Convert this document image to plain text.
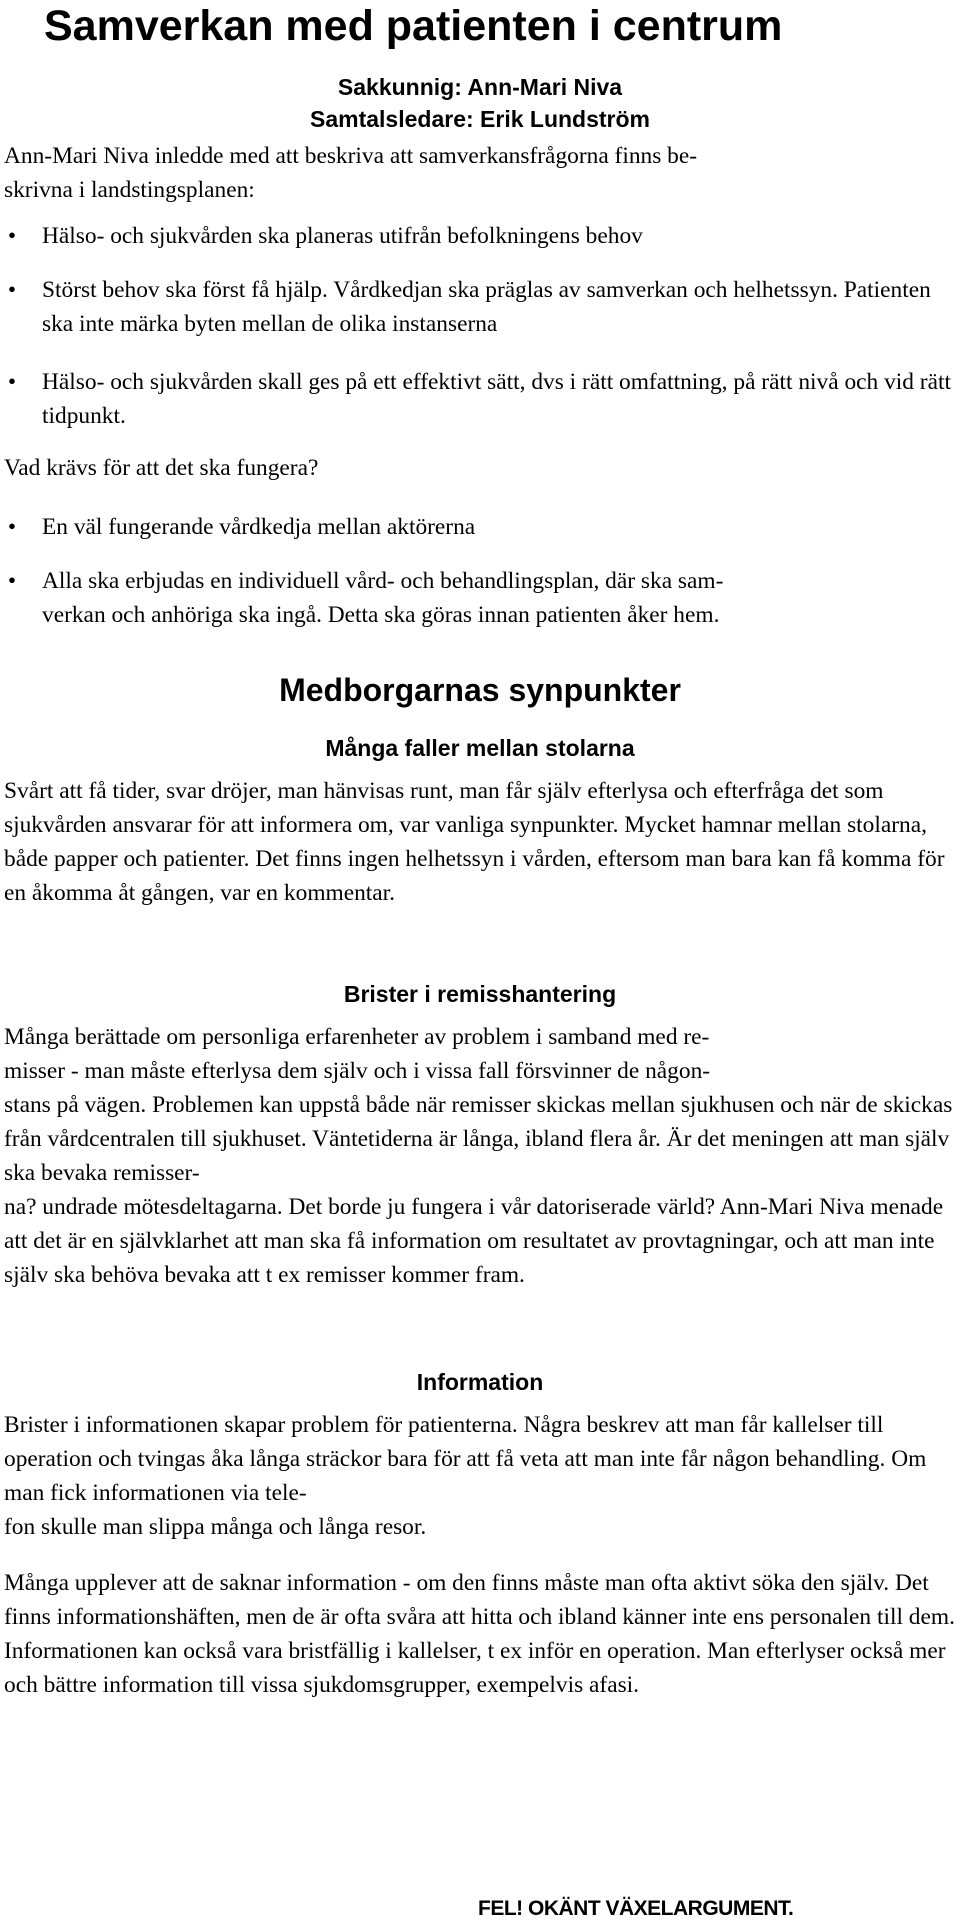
Samverkan med patienten i centrum
Sakkunnig: Ann-Mari Niva
Samtalsledare: Erik Lundström

Ann-Mari Niva inledde med att beskriva att samverkansfrågorna finns be-
skrivna i landstingsplanen:

• Hälso- och sjukvården ska planeras utifrån befolkningens behov
• Störst behov ska först få hjälp. Vårdkedjan ska präglas av samverkan och helhetssyn. Patienten ska inte märka byten mellan de olika instanserna
• Hälso- och sjukvården skall ges på ett effektivt sätt, dvs i rätt omfattning, på rätt nivå och vid rätt tidpunkt.

Vad krävs för att det ska fungera?

• En väl fungerande vårdkedja mellan aktörerna
• Alla ska erbjudas en individuell vård- och behandlingsplan, där ska sam-
verkan och anhöriga ska ingå. Detta ska göras innan patienten åker hem.
Medborgarnas synpunkter
Många faller mellan stolarna

Svårt att få tider, svar dröjer, man hänvisas runt, man får själv efterlysa och efterfråga det som sjukvården ansvarar för att informera om, var vanliga synpunkter. Mycket hamnar mellan stolarna, både papper och patienter. Det finns ingen helhetssyn i vården, eftersom man bara kan få komma för en åkomma åt gången, var en kommentar.

Brister i remisshantering

Många berättade om personliga erfarenheter av problem i samband med re-
misser - man måste efterlysa dem själv och i vissa fall försvinner de någon-
stans på vägen. Problemen kan uppstå både när remisser skickas mellan sjukhusen och när de skickas från vårdcentralen till sjukhuset. Väntetiderna är långa, ibland flera år. Är det meningen att man själv ska bevaka remisser-
na? undrade mötesdeltagarna. Det borde ju fungera i vår datoriserade värld? Ann-Mari Niva menade att det är en självklarhet att man ska få information om resultatet av provtagningar, och att man inte själv ska behöva bevaka att t ex remisser kommer fram.

Information

Brister i informationen skapar problem för patienterna. Några beskrev att man får kallelser till operation och tvingas åka långa sträckor bara för att få veta att man inte får någon behandling. Om man fick informationen via tele-
fon skulle man slippa många och långa resor.

Många upplever att de saknar information - om den finns måste man ofta aktivt söka den själv. Det finns informationshäften, men de är ofta svåra att hitta och ibland känner inte ens personalen till dem. Informationen kan också vara bristfällig i kallelser, t ex inför en operation. Man efterlyser också mer och bättre information till vissa sjukdomsgrupper, exempelvis afasi.

FEL! OKÄNT VÄXELARGUMENT.
